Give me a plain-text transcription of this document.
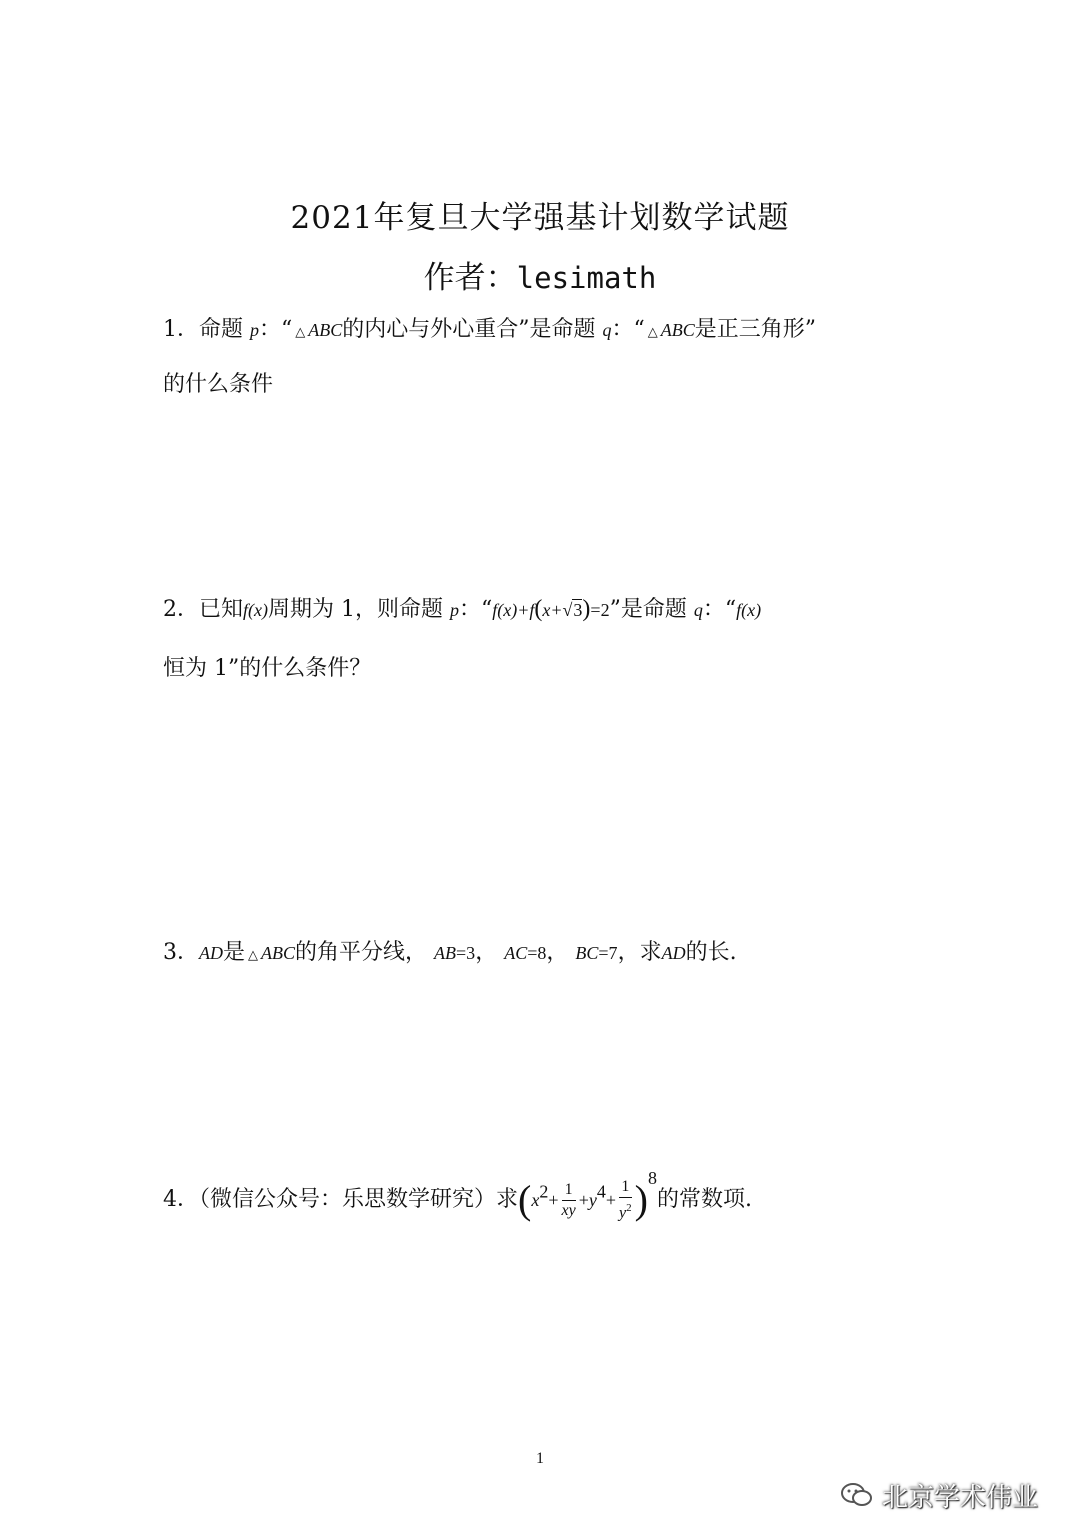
2021年复旦大学强基计划数学试题
作者：lesimath
1．命题 p：“ △ ABC的内心与外心重合”是命题 q：“ △ ABC是正三角形”
的什么条件
2．已知f(x)周期为 1，则命题 p：“f(x)+f(x+√3)=2”是命题 q：“f(x)
恒为 1”的什么条件？
3．AD是 △ ABC的角平分线， AB=3， AC=8， BC=7，求AD的长.
4．（微信公众号：乐思数学研究）求$(x^2+ \frac{1}{xy} +y^4+ \frac{1}{y^2} )^8$的常数项.
1
北京学术伟业
